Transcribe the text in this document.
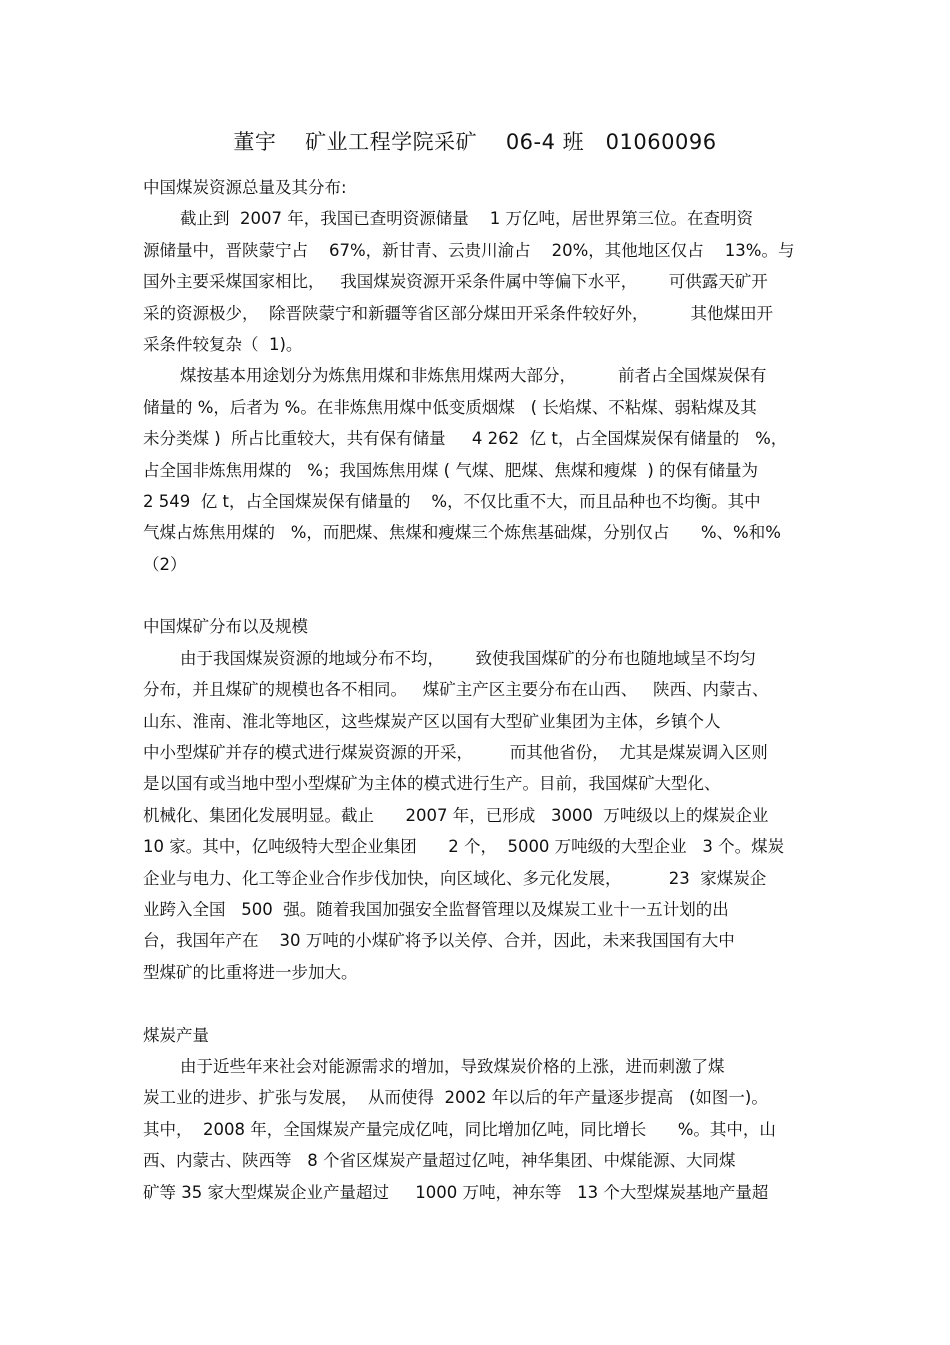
董宇    矿业工程学院采矿    06-4 班   01060096
中国煤炭资源总量及其分布:
截止到  2007 年，我国已查明资源储量    1 万亿吨，居世界第三位。在查明资
源储量中，晋陕蒙宁占    67%，新甘青、云贵川渝占    20%，其他地区仅占    13%。与
国外主要采煤国家相比，   我国煤炭资源开采条件属中等偏下水平，      可供露天矿开
采的资源极少，  除晋陕蒙宁和新疆等省区部分煤田开采条件较好外，        其他煤田开
采条件较复杂（  1)。
煤按基本用途划分为炼焦用煤和非炼焦用煤两大部分，        前者占全国煤炭保有
储量的 %，后者为 %。在非炼焦用煤中低变质烟煤   ( 长焰煤、不粘煤、弱粘煤及其
未分类煤 )  所占比重较大，共有保有储量     4 262  亿 t，占全国煤炭保有储量的   %，
占全国非炼焦用煤的   %；我国炼焦用煤 ( 气煤、肥煤、焦煤和瘦煤  ) 的保有储量为
2 549  亿 t，占全国煤炭保有储量的    %，不仅比重不大，而且品种也不均衡。其中
气煤占炼焦用煤的   %，而肥煤、焦煤和瘦煤三个炼焦基础煤，分别仅占      %、%和%
（2）
中国煤矿分布以及规模
由于我国煤炭资源的地域分布不均，      致使我国煤矿的分布也随地域呈不均匀
分布，并且煤矿的规模也各不相同。   煤矿主产区主要分布在山西、   陕西、内蒙古、
山东、淮南、淮北等地区，这些煤炭产区以国有大型矿业集团为主体，乡镇个人
中小型煤矿并存的模式进行煤炭资源的开采，       而其他省份，  尤其是煤炭调入区则
是以国有或当地中型小型煤矿为主体的模式进行生产。目前，我国煤矿大型化、
机械化、集团化发展明显。截止      2007 年，已形成   3000  万吨级以上的煤炭企业
10 家。其中，亿吨级特大型企业集团      2 个，  5000 万吨级的大型企业   3 个。煤炭
企业与电力、化工等企业合作步伐加快，向区域化、多元化发展，         23  家煤炭企
业跨入全国   500  强。随着我国加强安全监督管理以及煤炭工业十一五计划的出
台，我国年产在    30 万吨的小煤矿将予以关停、合并，因此，未来我国国有大中
型煤矿的比重将进一步加大。
煤炭产量
由于近些年来社会对能源需求的增加，导致煤炭价格的上涨，进而刺激了煤
炭工业的进步、扩张与发展，  从而使得  2002 年以后的年产量逐步提高   (如图一)。
其中，  2008 年，全国煤炭产量完成亿吨，同比增加亿吨，同比增长      %。其中，山
西、内蒙古、陕西等   8 个省区煤炭产量超过亿吨，神华集团、中煤能源、大同煤
矿等 35 家大型煤炭企业产量超过     1000 万吨，神东等   13 个大型煤炭基地产量超
